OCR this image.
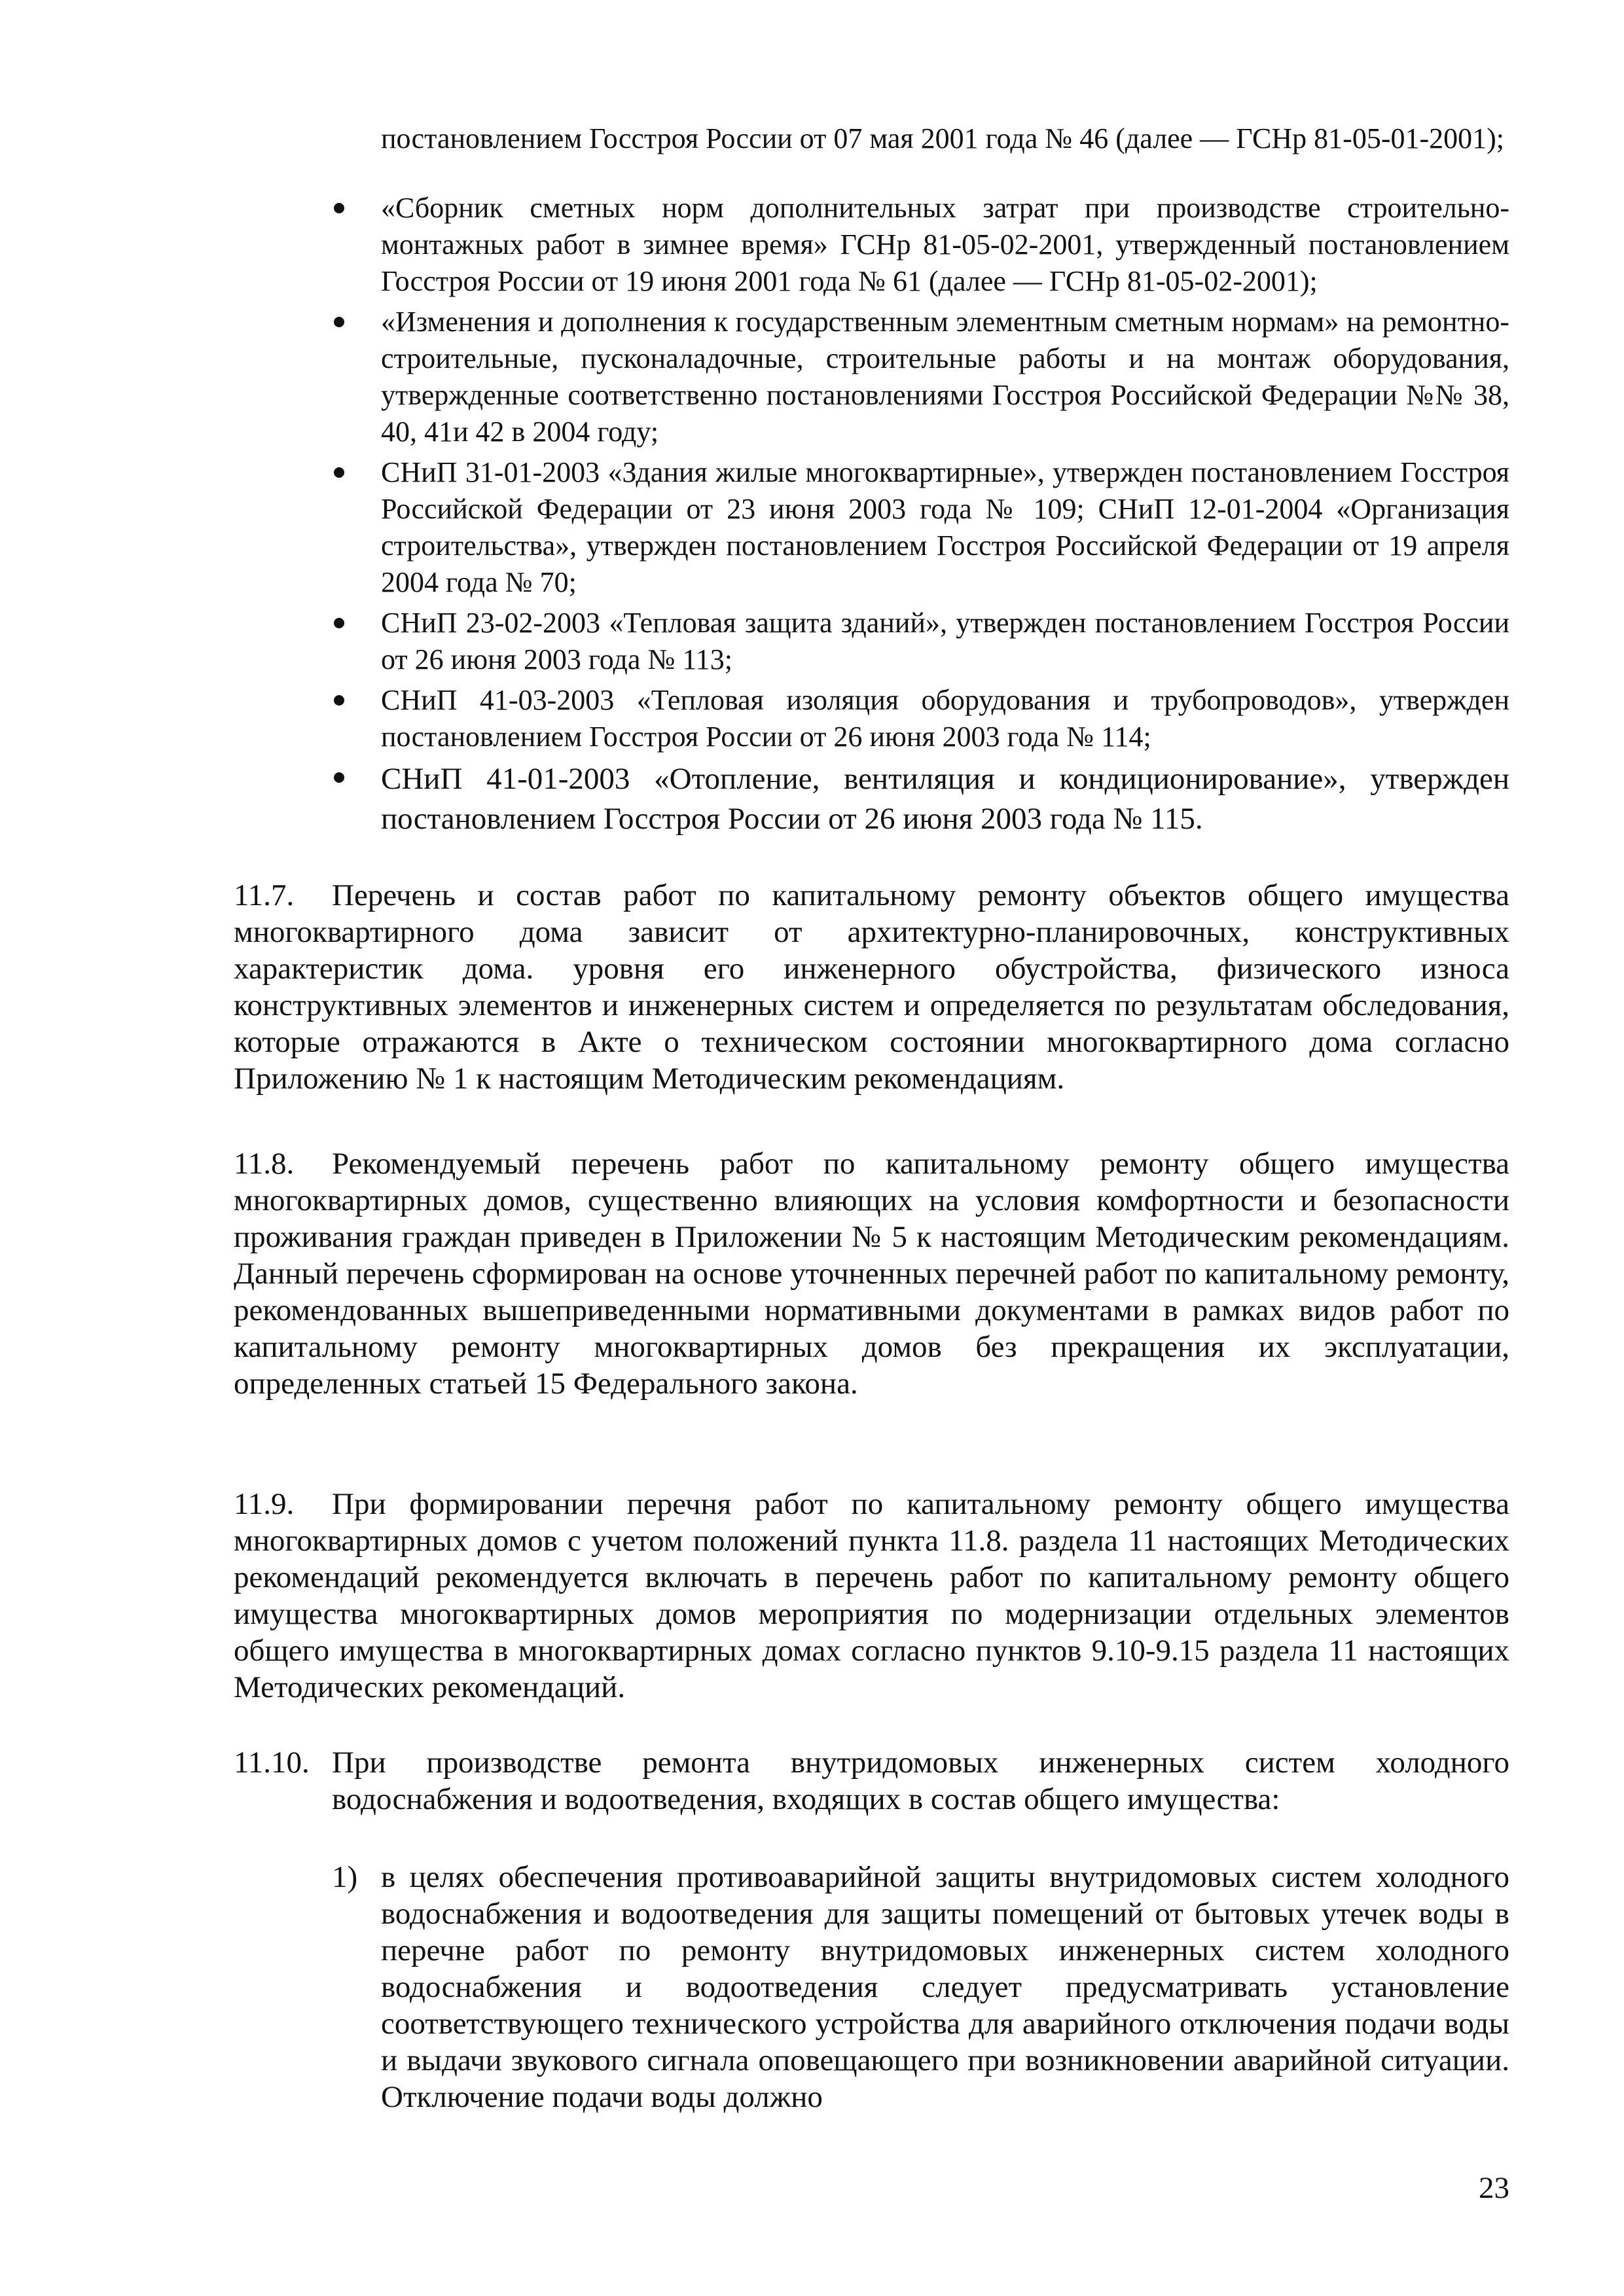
постановлением Госстроя России от 07 мая 2001 года № 46 (далее — ГСНр 81-05-01-2001);

«Сборник сметных норм дополнительных затрат при производстве строительно-монтажных работ в зимнее время» ГСНр 81-05-02-2001, утвержденный постановлением Госстроя России от 19 июня 2001 года № 61 (далее — ГСНр 81-05-02-2001);
«Изменения и дополнения к государственным элементным сметным нормам» на ремонтно-строительные, пусконаладочные, строительные работы и на монтаж оборудования, утвержденные соответственно постановлениями Госстроя Российской Федерации №№ 38, 40, 41и 42 в 2004 году;
СНиП 31-01-2003 «Здания жилые многоквартирные», утвержден постановлением Госстроя Российской Федерации от 23 июня 2003 года № 109; СНиП 12-01-2004 «Организация строительства», утвержден постановлением Госстроя Российской Федерации от 19 апреля 2004 года № 70;
СНиП 23-02-2003 «Тепловая защита зданий», утвержден постановлением Госстроя России от 26 июня 2003 года № 113;
СНиП 41-03-2003 «Тепловая изоляция оборудования и трубопроводов», утвержден постановлением Госстроя России от 26 июня 2003 года № 114;
СНиП 41-01-2003 «Отопление, вентиляция и кондиционирование», утвержден постановлением Госстроя России от 26 июня 2003 года № 115.

11.7. Перечень и состав работ по капитальному ремонту объектов общего имущества многоквартирного дома зависит от архитектурно-планировочных, конструктивных характеристик дома. уровня его инженерного обустройства, физического износа конструктивных элементов и инженерных систем и определяется по результатам обследования, которые отражаются в Акте о техническом состоянии многоквартирного дома согласно Приложению № 1 к настоящим Методическим рекомендациям.

11.8. Рекомендуемый перечень работ по капитальному ремонту общего имущества многоквартирных домов, существенно влияющих на условия комфортности и безопасности проживания граждан приведен в Приложении № 5 к настоящим Методическим рекомендациям. Данный перечень сформирован на основе уточненных перечней работ по капитальному ремонту, рекомендованных вышеприведенными нормативными документами в рамках видов работ по капитальному ремонту многоквартирных домов без прекращения их эксплуатации, определенных статьей 15 Федерального закона.

11.9. При формировании перечня работ по капитальному ремонту общего имущества многоквартирных домов с учетом положений пункта 11.8. раздела 11 настоящих Методических рекомендаций рекомендуется включать в перечень работ по капитальному ремонту общего имущества многоквартирных домов мероприятия по модернизации отдельных элементов общего имущества в многоквартирных домах согласно пунктов 9.10-9.15 раздела 11 настоящих Методических рекомендаций.

11.10. При производстве ремонта внутридомовых инженерных систем холодного водоснабжения и водоотведения, входящих в состав общего имущества:
1) в целях обеспечения противоаварийной защиты внутридомовых систем холодного водоснабжения и водоотведения для защиты помещений от бытовых утечек воды в перечне работ по ремонту внутридомовых инженерных систем холодного водоснабжения и водоотведения следует предусматривать установление соответствующего технического устройства для аварийного отключения подачи воды и выдачи звукового сигнала оповещающего при возникновении аварийной ситуации. Отключение подачи воды должно
23
